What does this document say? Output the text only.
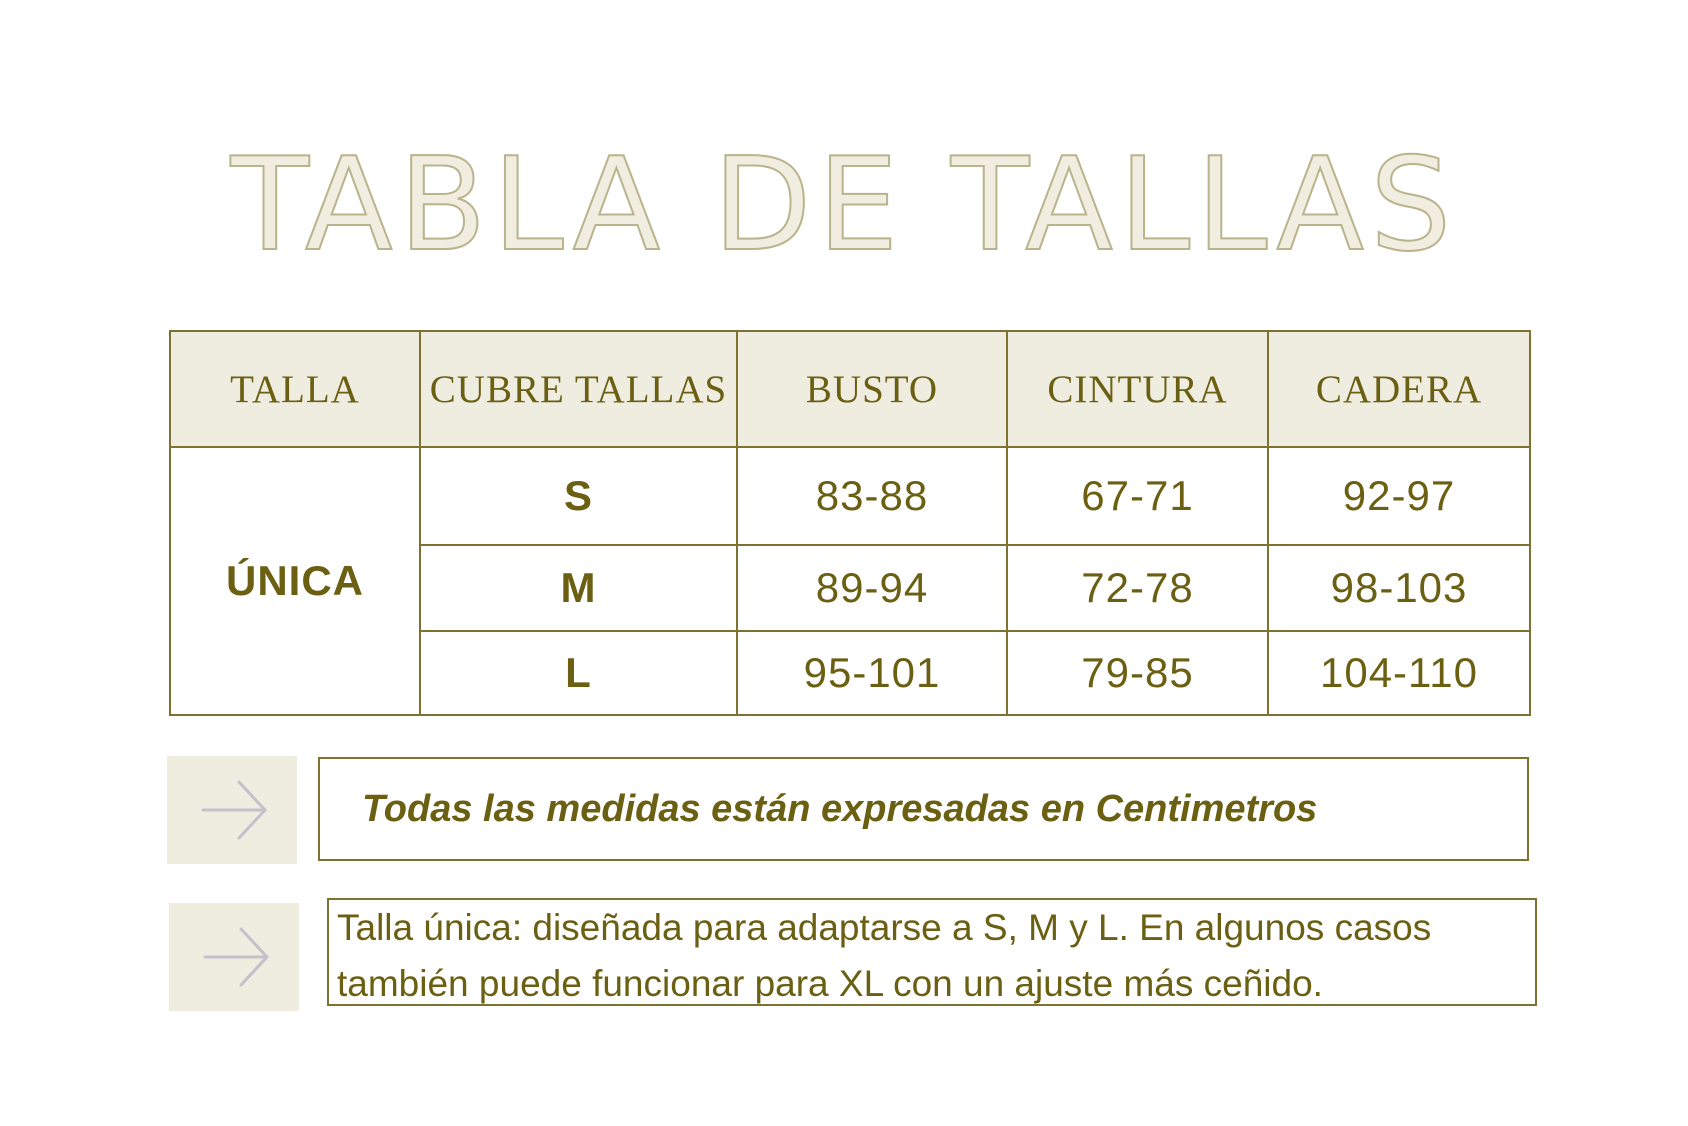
TABLA DE TALLAS
TALLA	CUBRE TALLAS	BUSTO	CINTURA	CADERA
ÚNICA	S	83-88	67-71	92-97
	M	89-94	72-78	98-103
	L	95-101	79-85	104-110
Todas las medidas están expresadas en Centimetros
Talla única: diseñada para adaptarse a S, M y L. En algunos casos también puede funcionar para XL con un ajuste más ceñido.
